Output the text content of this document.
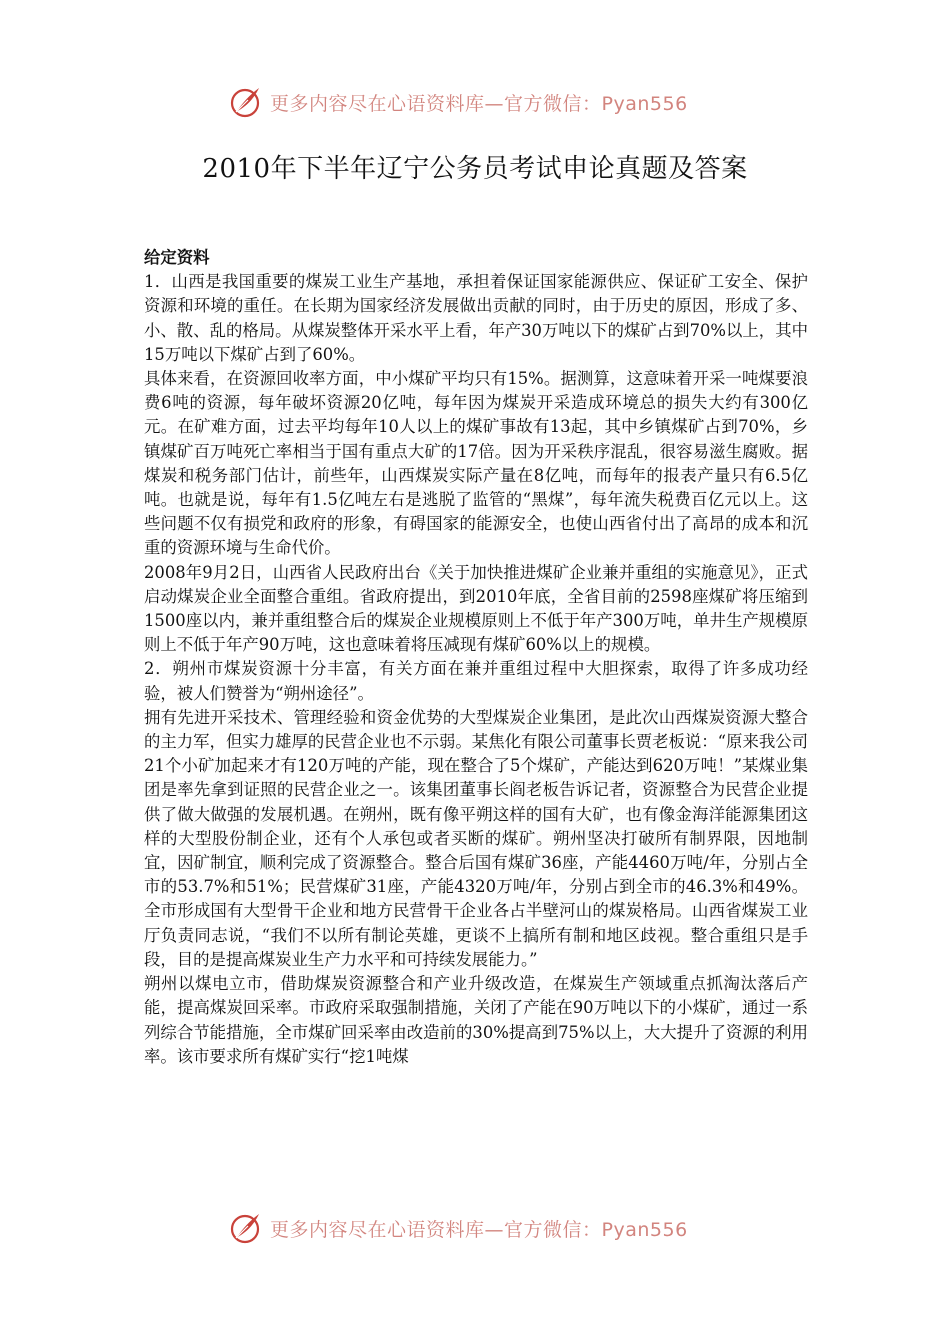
更多内容尽在心语资料库—官方微信：Pyan556
2010年下半年辽宁公务员考试申论真题及答案

给定资料

1．山西是我国重要的煤炭工业生产基地，承担着保证国家能源供应、保证矿工安全、保护资源和环境的重任。在长期为国家经济发展做出贡献的同时，由于历史的原因，形成了多、小、散、乱的格局。从煤炭整体开采水平上看，年产30万吨以下的煤矿占到70%以上，其中15万吨以下煤矿占到了60%。

具体来看，在资源回收率方面，中小煤矿平均只有15%。据测算，这意味着开采一吨煤要浪费6吨的资源，每年破坏资源20亿吨，每年因为煤炭开采造成环境总的损失大约有300亿元。在矿难方面，过去平均每年10人以上的煤矿事故有13起，其中乡镇煤矿占到70%，乡镇煤矿百万吨死亡率相当于国有重点大矿的17倍。因为开采秩序混乱，很容易滋生腐败。据煤炭和税务部门估计，前些年，山西煤炭实际产量在8亿吨，而每年的报表产量只有6.5亿吨。也就是说，每年有1.5亿吨左右是逃脱了监管的“黑煤”，每年流失税费百亿元以上。这些问题不仅有损党和政府的形象，有碍国家的能源安全，也使山西省付出了高昂的成本和沉重的资源环境与生命代价。

2008年9月2日，山西省人民政府出台《关于加快推进煤矿企业兼并重组的实施意见》，正式启动煤炭企业全面整合重组。省政府提出，到2010年底，全省目前的2598座煤矿将压缩到1500座以内，兼并重组整合后的煤炭企业规模原则上不低于年产300万吨，单井生产规模原则上不低于年产90万吨，这也意味着将压减现有煤矿60%以上的规模。

2．朔州市煤炭资源十分丰富，有关方面在兼并重组过程中大胆探索，取得了许多成功经验，被人们赞誉为“朔州途径”。

拥有先进开采技术、管理经验和资金优势的大型煤炭企业集团，是此次山西煤炭资源大整合的主力军，但实力雄厚的民营企业也不示弱。某焦化有限公司董事长贾老板说：“原来我公司21个小矿加起来才有120万吨的产能，现在整合了5个煤矿，产能达到620万吨！”某煤业集团是率先拿到证照的民营企业之一。该集团董事长阎老板告诉记者，资源整合为民营企业提供了做大做强的发展机遇。在朔州，既有像平朔这样的国有大矿，也有像金海洋能源集团这样的大型股份制企业，还有个人承包或者买断的煤矿。朔州坚决打破所有制界限，因地制宜，因矿制宜，顺利完成了资源整合。整合后国有煤矿36座，产能4460万吨/年，分别占全市的53.7%和51%；民营煤矿31座，产能4320万吨/年，分别占到全市的46.3%和49%。全市形成国有大型骨干企业和地方民营骨干企业各占半壁河山的煤炭格局。山西省煤炭工业厅负责同志说，“我们不以所有制论英雄，更谈不上搞所有制和地区歧视。整合重组只是手段，目的是提高煤炭业生产力水平和可持续发展能力。”

朔州以煤电立市，借助煤炭资源整合和产业升级改造，在煤炭生产领域重点抓淘汰落后产能，提高煤炭回采率。市政府采取强制措施，关闭了产能在90万吨以下的小煤矿，通过一系列综合节能措施，全市煤矿回采率由改造前的30%提高到75%以上，大大提升了资源的利用率。该市要求所有煤矿实行“挖1吨煤

更多内容尽在心语资料库—官方微信：Pyan556
